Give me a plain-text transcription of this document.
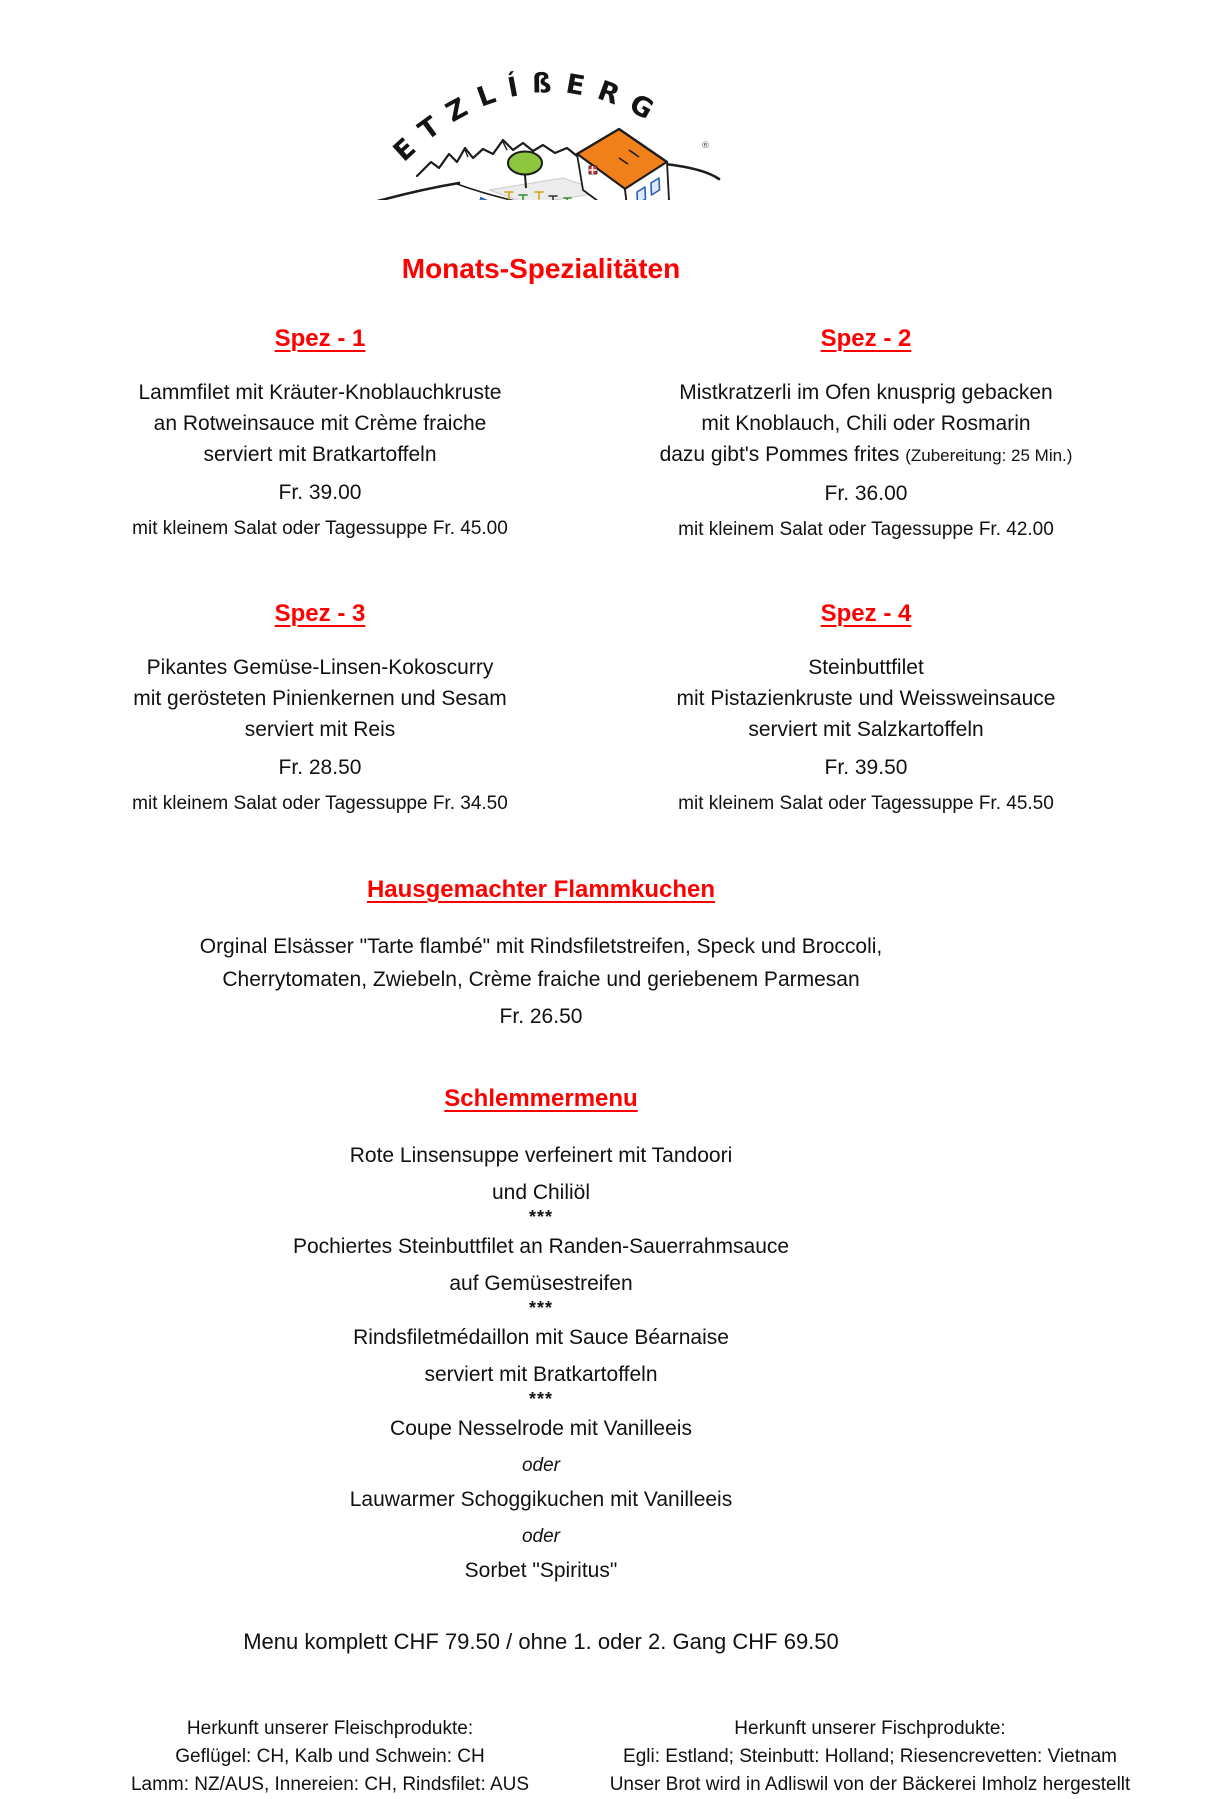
ETZLÍßERG
®
Monats-Spezialitäten
Spez - 1
Lammfilet mit Kräuter-Knoblauchkruste
an Rotweinsauce mit Crème fraiche
serviert mit Bratkartoffeln
Fr. 39.00
mit kleinem Salat oder Tagessuppe Fr. 45.00
Spez - 2
Mistkratzerli im Ofen knusprig gebacken
mit Knoblauch, Chili oder Rosmarin
dazu gibt's Pommes frites (Zubereitung: 25 Min.)
Fr. 36.00
mit kleinem Salat oder Tagessuppe Fr. 42.00
Spez - 3
Pikantes Gemüse-Linsen-Kokoscurry
mit gerösteten Pinienkernen und Sesam
serviert mit Reis
Fr. 28.50
mit kleinem Salat oder Tagessuppe Fr. 34.50
Spez - 4
Steinbuttfilet
mit Pistazienkruste und Weissweinsauce
serviert mit Salzkartoffeln
Fr. 39.50
mit kleinem Salat oder Tagessuppe Fr. 45.50
Hausgemachter Flammkuchen
Orginal Elsässer "Tarte flambé" mit Rindsfiletstreifen, Speck und Broccoli,
Cherrytomaten, Zwiebeln, Crème fraiche und geriebenem Parmesan
Fr. 26.50
Schlemmermenu
Rote Linsensuppe verfeinert mit Tandoori
und Chiliöl
***
Pochiertes Steinbuttfilet an Randen-Sauerrahmsauce
auf Gemüsestreifen
***
Rindsfiletmédaillon mit Sauce Béarnaise
serviert mit Bratkartoffeln
***
Coupe Nesselrode mit Vanilleeis
oder
Lauwarmer Schoggikuchen mit Vanilleeis
oder
Sorbet "Spiritus"
Menu komplett CHF 79.50 / ohne 1. oder 2. Gang CHF 69.50
Herkunft unserer Fleischprodukte:
Geflügel: CH, Kalb und Schwein: CH
Lamm: NZ/AUS, Innereien: CH, Rindsfilet: AUS
Herkunft unserer Fischprodukte:
Egli: Estland; Steinbutt: Holland; Riesencrevetten: Vietnam
Unser Brot wird in Adliswil von der Bäckerei Imholz hergestellt
